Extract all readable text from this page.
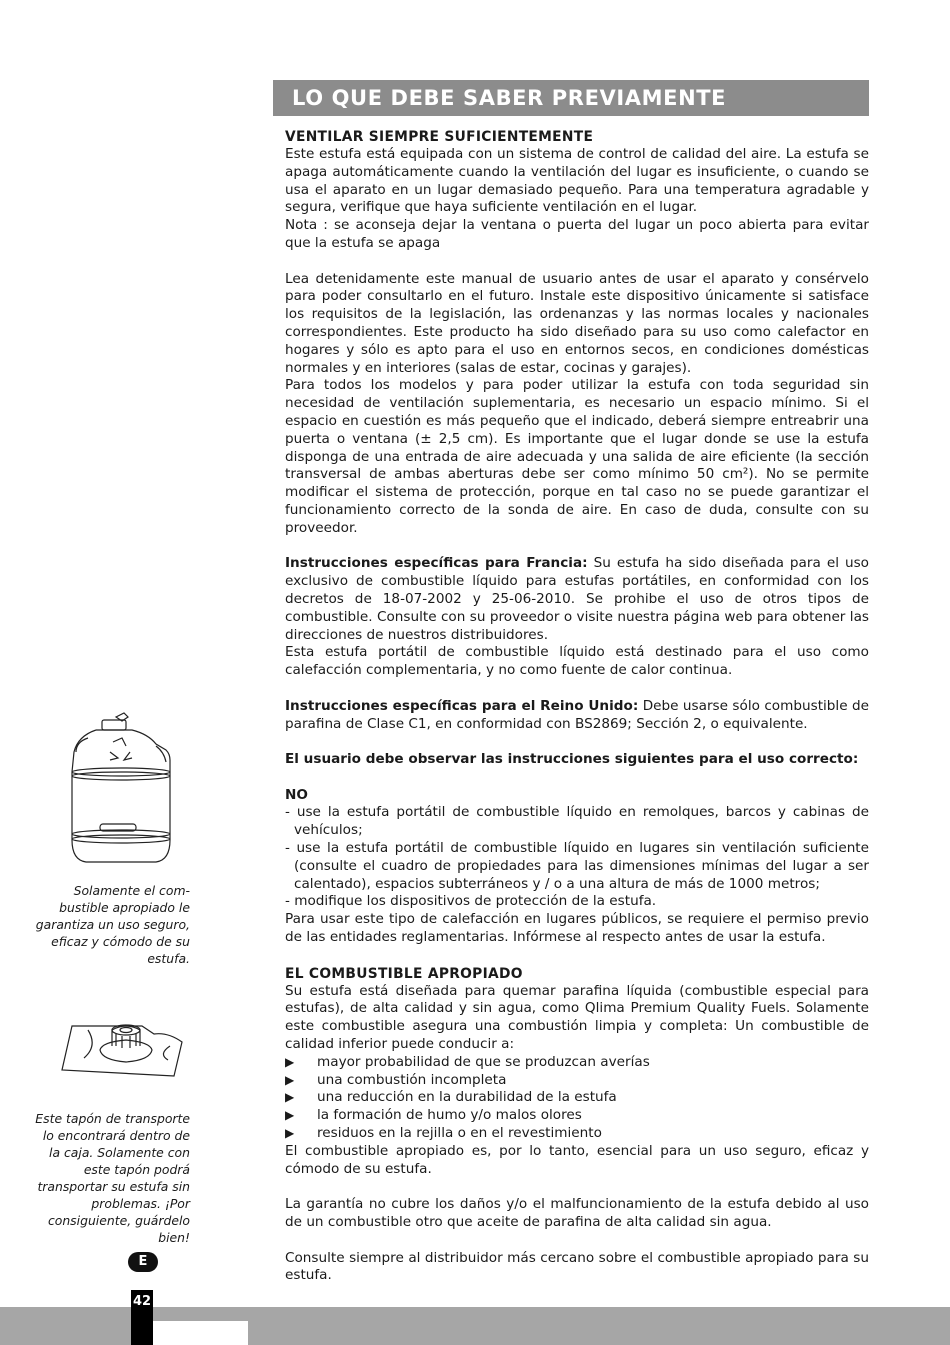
LO QUE DEBE SABER PREVIAMENTE
VENTILAR SIEMPRE SUFICIENTEMENTE

Este estufa está equipada con un sistema de control de calidad del aire. La estufa se apaga automáticamente cuando la ventilación del lugar es insuficiente, o cuando se usa el aparato en un lugar demasiado pequeño. Para una temperatura agradable y segura, verifique que haya suficiente ventilación en el lugar.

Nota : se aconseja dejar la ventana o puerta del lugar un poco abierta para evitar que la estufa se apaga

Lea detenidamente este manual de usuario antes de usar el aparato y consérvelo para poder consultarlo en el futuro. Instale este dispositivo únicamente si satisface los requisitos de la legislación, las ordenanzas y las normas locales y nacionales correspondientes. Este producto ha sido diseñado para su uso como calefactor en hogares y sólo es apto para el uso en entornos secos, en condiciones domésticas normales y en interiores (salas de estar, cocinas y garajes).

Para todos los modelos y para poder utilizar la estufa con toda seguridad sin necesidad de ventilación suplementaria, es necesario un espacio mínimo. Si el espacio en cuestión es más pequeño que el indicado, deberá siempre entreabrir una puerta o ventana (± 2,5 cm). Es importante que el lugar donde se use la estufa disponga de una entrada de aire adecuada y una salida de aire eficiente (la sección transversal de ambas aberturas debe ser como mínimo 50 cm²). No se permite modificar el sistema de protección, porque en tal caso no se puede garantizar el funcionamiento correcto de la sonda de aire. En caso de duda, consulte con su proveedor.

Instrucciones específicas para Francia: Su estufa ha sido diseñada para el uso exclusivo de combustible líquido para estufas portátiles, en conformidad con los decretos de 18-07-2002 y 25-06-2010. Se prohibe el uso de otros tipos de combustible. Consulte con su proveedor o visite nuestra página web para obtener las direcciones de nuestros distribuidores.

Esta estufa portátil de combustible líquido está destinado para el uso como calefacción complementaria, y no como fuente de calor continua.

Instrucciones específicas para el Reino Unido: Debe usarse sólo combustible de parafina de Clase C1, en conformidad con BS2869; Sección 2, o equivalente.

El usuario debe observar las instrucciones siguientes para el uso correcto:

NO

- use la estufa portátil de combustible líquido en remolques, barcos y cabinas de vehículos;

- use la estufa portátil de combustible líquido en lugares sin ventilación suficiente (consulte el cuadro de propiedades para las dimensiones mínimas del lugar a ser calentado), espacios subterráneos y / o a una altura de más de 1000 metros;

- modifique los dispositivos de protección de la estufa.

Para usar este tipo de calefacción en lugares públicos, se requiere el permiso previo de las entidades reglamentarias. Infórmese al respecto antes de usar la estufa.

EL COMBUSTIBLE APROPIADO

Su estufa está diseñada para quemar parafina líquida (combustible especial para estufas), de alta calidad y sin agua, como Qlima Premium Quality Fuels. Solamente este combustible asegura una combustión limpia y completa: Un combustible de calidad inferior puede conducir a:

▶	mayor probabilidad de que se produzcan averías
▶	una combustión incompleta
▶	una reducción en la durabilidad de la estufa
▶	la formación de humo y/o malos olores
▶	residuos en la rejilla o en el revestimiento

El combustible apropiado es, por lo tanto, esencial para un uso seguro, eficaz y cómodo de su estufa.

La garantía no cubre los daños y/o el malfuncionamiento de la estufa debido al uso de un combustible otro que aceite de parafina de alta calidad sin agua.

Consulte siempre al distribuidor más cercano sobre el combustible apropiado para su estufa.

Solamente el com-bustible apropiado le garantiza un uso seguro, eficaz y cómodo de su estufa.

Este tapón de transporte lo encontrará dentro de la caja. Solamente con este tapón podrá transportar su estufa sin problemas. ¡Por consiguiente, guárdelo bien!

E
42
